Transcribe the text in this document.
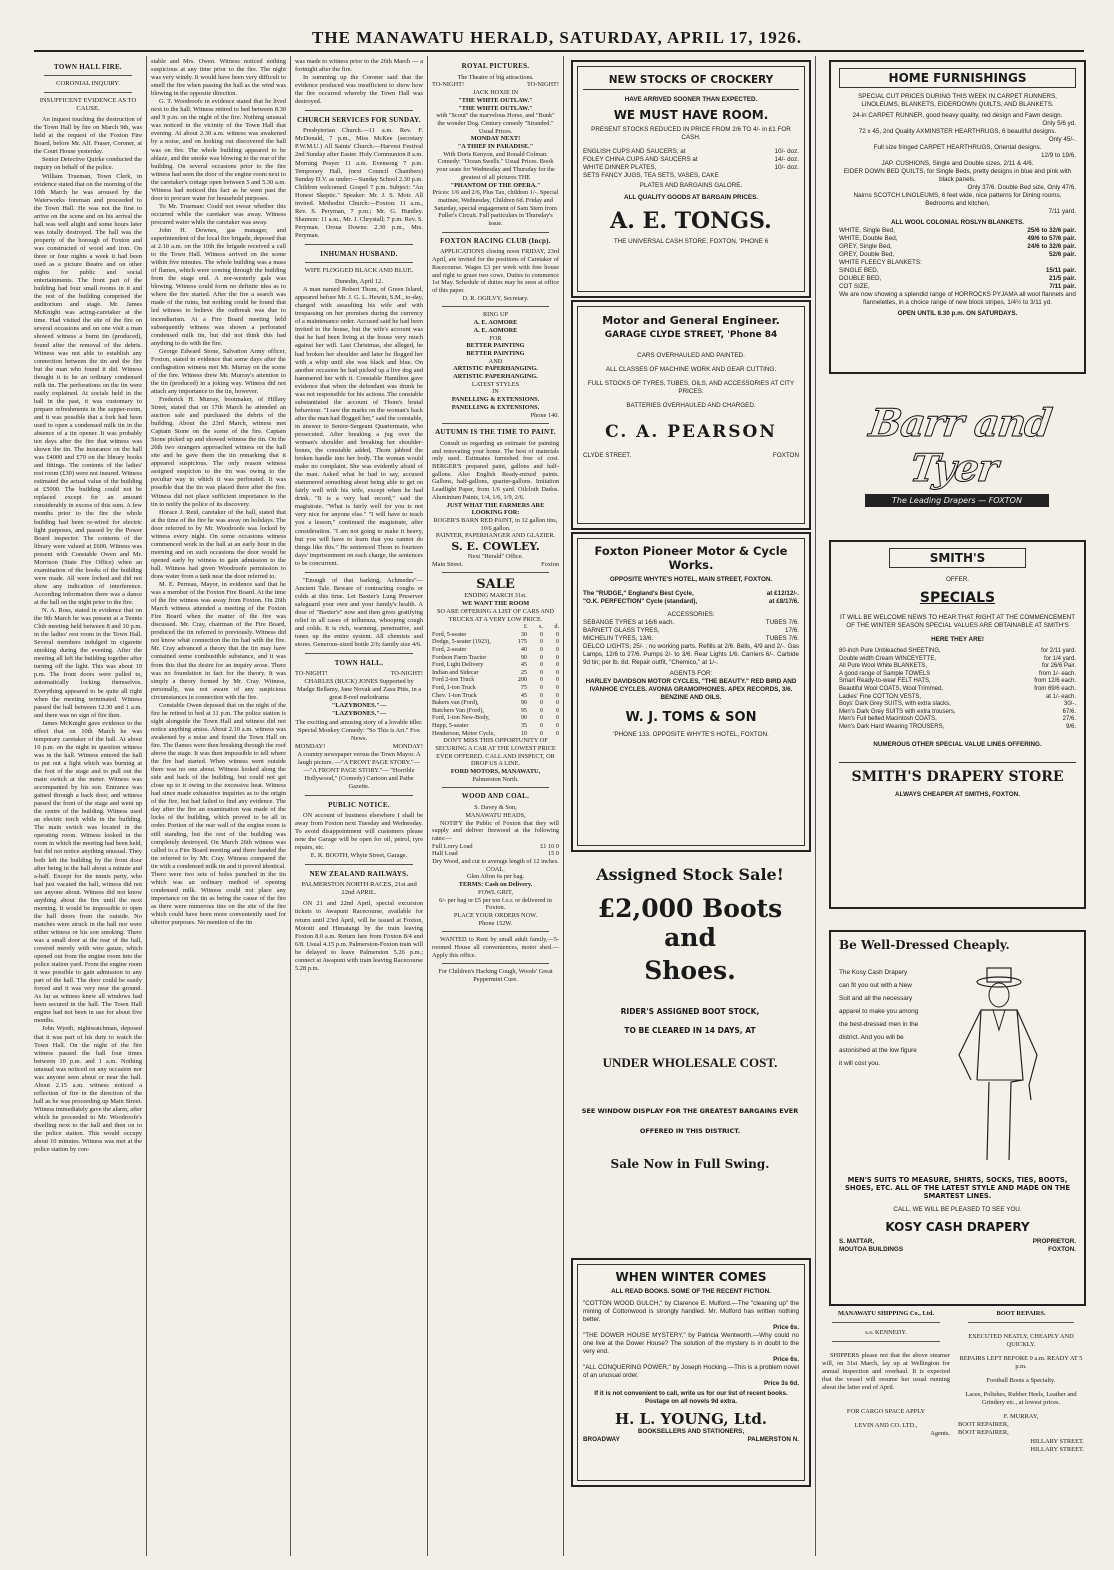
THE MANAWATU HERALD, SATURDAY, APRIL 17, 1926.
TOWN HALL FIRE.
CORONIAL INQUIRY.
INSUFFICENT EVIDENCE AS TO CAUSE.

An inquest touching the destruction of the Town Hall by fire on March 9th, was held at the request of the Foxton Fire Board, before Mr. Alf. Fraser, Coroner, at the Court House yesterday.

Senior Detective Quirke conducted the inquiry on behalf of the police.

William Trueman, Town Clerk, in evidence stated that on the morning of the 10th March he was aroused by the Waterworks foreman and proceeded to the Town Hall. He was not the first to arrive on the scene and on his arrival the hall was well alight and some hours later was totally destroyed. The hall was the property of the borough of Foxton and was constructed of wood and iron. On three or four nights a week it had been used as a picture theatre and on other nights for public and social entertainments. The front part of the building had four small rooms in it and the rest of the building comprised the auditorium and stage. Mr. James McKnight was acting-caretaker at the time. Had visited the site of the fire on several occasions and on one visit a man showed witness a burnt tin (produced), found after the removal of the debris. Witness was not able to establish any connection between the tin and the fire but the man who found it did. Witness thought it to be an ordinary condensed milk tin. The perforations on the tin were easily explained. At socials held in the hall in the past, it was customary to prepare refreshments in the supper-room, and it was possible that a fork had been used to open a condensed milk tin in the absence of a tin opener. It was probably ten days after the fire that witness was shown the tin. The insurance on the hall was £4000 and £70 on the library books and fittings. The contents of the ladies' rest room (£30) were not insured. Witness estimated the actual value of the building at £5000. The building could not be replaced except for an amount considerably in excess of this sum. A few months prior to the fire the whole building had been re-wired for electric light purposes, and passed by the Power Board inspector. The contents of the library were valued at £600. Witness was present with Constable Owen and Mr. Morrison (State Fire Office) when an examination of the books of the building were made. All were locked and did not show any indication of interference. According information there was a dance at the hall on the night prior to the fire.

N. A. Ross, stated in evidence that on the 9th March he was present at a Tennis Club meeting held between 8 and 10 p.m. in the ladies' rest room in the Town Hall. Several members indulged in cigarette smoking during the evening. After the meeting all left the building together after turning off the light. This was about 10 p.m. The front doors were pulled to, automatically locking themselves. Everything appeared to be quite all right when the meeting terminated. Witness passed the hall between 12.30 and 1 a.m. and there was no sign of fire then.

James McKnight gave evidence to the effect that on 10th March he was temporary caretaker of the hall. At about 10 p.m. on the night in question witness was in the hall. Witness entered the hall to put out a light which was burning at the foot of the stage and to pull out the main switch at the meter. Witness was accompanied by his son. Entrance was gained through a back door, and witness passed the front of the stage and went up the centre of the building. Witness used an electric torch while in the building. The main switch was located in the operating room. Witness looked in the room in which the meeting had been held, but did not notice anything unusual. They both left the building by the front door after being in the hall about a minute and a-half. Except for the tennis party, who had just vacated the hall, witness did not see anyone about. Witness did not know anything about the fire until the next morning. It would be impossible to open the hall doors from the outside. No matches were struck in the hall nor were either witness or his son smoking. There was a small door at the rear of the hall, covered merely with wire gauze, which opened out from the engine room into the police station yard. From the engine room it was possible to gain admission to any part of the hall. The door could be easily forced and it was very near the ground. As far as witness knew all windows had been secured in the hall. The Town Hall engine had not been in use for about five months.

John Wyeth, nightwatchman, deposed that it was part of his duty to watch the Town Hall. On the night of the fire witness passed the hall four times between 10 p.m. and 1 a.m. Nothing unusual was noticed on any occasion nor was anyone seen about or near the hall. About 2.15 a.m. witness noticed a reflection of fire in the direction of the hall as he was proceeding up Main Street. Witness immediately gave the alarm, after which he proceeded to Mr. Woodroofe's dwelling next to the hall and then on to the police station. This would occupy about 10 minutes. Witness was met at the police station by con-

stable and Mrs. Owen. Witness noticed nothing suspicious at any time prior to the fire. The night was very windy. It would have been very difficult to smell the fire when passing the hall as the wind was blowing in the opposite direction.

G. T. Woodroofe in evidence stated that he lived next to the hall. Witness retired to bed between 8.30 and 9 p.m. on the night of the fire. Nothing unusual was noticed in the vicinity of the Town Hall that evening. At about 2.30 a.m. witness was awakened by a noise, and on looking out discovered the hall was on fire. The whole building appeared to be ablaze, and the smoke was blowing to the rear of the building. On several occasions prior to the fire witness had seen the door of the engine room next to the caretaker's cottage open between 5 and 5.30 a.m. Witness had noticed this fact as he went past the door to procure water for household purposes.

To Mr. Trueman: Could not swear whether this occurred while the caretaker was away. Witness procured water while the caretaker was away.

John H. Downes, gas manager, and superintendent of the local fire brigade, deposed that at 2.10 a.m. on the 10th the brigade received a call to the Town Hall. Witness arrived on the scene within five minutes. The whole building was a mass of flames, which were coming through the building from the stage end. A nor-westerly gale was blowing. Witness could form no definite idea as to where the fire started. After the fire a search was made of the ruins, but nothing could be found that led witness to believe the outbreak was due to incendiarism. At a Fire Board meeting held subsequently witness was shown a perforated condensed milk tin, but did not think this had anything to do with the fire.

George Edward Stone, Salvation Army officer, Foxton, stated in evidence that some days after the conflagration witness met Mr. Murray on the scene of the fire. Witness drew Mr. Murray's attention to the tin (produced) in a joking way. Witness did not attach any importance to the tin, however.

Frederick H. Murray, bootmaker, of Hillary Street, stated that on 17th March he attended an auction sale and purchased the debris of the building. About the 23rd March, witness met Captain Stone on the scene of the fire. Captain Stone picked up and showed witness the tin. On the 26th two strangers approached witness on the hall site and he gave them the tin remarking that it appeared suspicious. The only reason witness assigned suspicion to the tin was owing to the peculiar way in which it was perforated. It was possible that the tin was placed there after the fire. Witness did not place sufficient importance to the tin to notify the police of its discovery.

Horace J. Reid, caretaker of the hall, stated that at the time of the fire he was away on holidays. The door referred to by Mr. Woodroofe was locked by witness every night. On some occasions witness commenced work in the hall at an early hour in the morning and on such occasions the door would be opened early by witness to gain admission to the hall. Witness had given Woodroofe permission to draw water from a tank near the door referred to.

M. E. Perreau, Mayor, in evidence said that he was a member of the Foxton Fire Board. At the time of the fire witness was away from Foxton. On 26th March witness attended a meeting of the Foxton Fire Board when the matter of the fire was discussed. Mr. Cray, chairman of the Fire Board, produced the tin referred to previously. Witness did not know what connection the tin had with the fire. Mr. Cray advanced a theory that the tin may have contained some combustible substance, and it was from this that the desire for an inquiry arose. There was no foundation in fact for the theory. It was simply a theory formed by Mr. Cray. Witness, personally, was not aware of any suspicious circumstances in connection with the fire.

Constable Owen deposed that on the night of the fire he retired to bed at 11 p.m. The police station is sight alongside the Town Hall and witness did not notice anything amiss. About 2.10 a.m. witness was awakened by a noise and found the Town Hall on fire. The flames were then breaking through the roof above the stage. It was then impossible to tell where the fire had started. When witness went outside there was no one about. Witness looked along the side and back of the building, but could not get close up to it owing to the excessive heat. Witness had since made exhaustive inquiries as to the origin of the fire, but had failed to find any evidence. The day after the fire an examination was made of the locks of the building, which proved to be all in order. Portion of the rear wall of the engine room is still standing, but the rest of the building was completely destroyed. On March 26th witness was called to a Fire Board meeting and there handed the tin referred to by Mr. Cray. Witness compared the tin with a condensed milk tin and it proved identical. There were two sets of holes punched in the tin which was an ordinary method of opening condensed milk. Witness could not place any importance on the tin as being the cause of the fire as there were numerous tins on the site of the fire which could have been more conveniently used for ulterior purposes. No mention of the tin

was made to witness prior to the 26th March — a fortnight after the fire.

In summing up the Coroner said that the evidence produced was insufficient to show how the fire occurred whereby the Town Hall was destroyed.

CHURCH SERVICES FOR SUNDAY.

Presbyterian Church.—11 a.m. Rev. F. McDonald, 7 p.m., Miss McKee (secretary P.W.M.U.) All Saints' Church.—Harvest Festival 2nd Sunday after Easter. Holy Communion 8 a.m. Morning Prayer 11 a.m. Evensong 7 p.m. Temporary Hall, (next Council Chambers) Sunday D.V. as under:—Sunday School 2.30 p.m. Children welcomed. Gospel 7 p.m. Subject: "An Honest Skeptic." Speaker: Mr. J. S. Moir. All invited. Methodist Church:—Foxton: 11 a.m., Rev. S. Peryman, 7 p.m.; Mr. G. Huntley. Shannon: 11 a.m., Mr. J. Chrystall; 7 p.m. Rev. S. Peryman. Oroua Downs: 2.30 p.m., Mrs. Peryman.

INHUMAN HUSBAND.
WIFE FLOGGED BLACK AND BLUE.
Dunedin, April 12.

A man named Robert Thom, of Green Island, appeared before Mr. J. G. L. Hewitt, S.M., to-day, charged with assaulting his wife and with trespassing on her premises during the currency of a maintenance order. Accused said he had been invited to the house, but the wife's account was that he had been living at the house very much against her will. Last Christmas, she alleged, he had broken her shoulder and later he flogged her with a whip until she was black and blue. On another occasion he had picked up a live dog and hammered her with it. Constable Hamilton gave evidence that when the defendant was drunk he was not responsible for his actions. The constable substantiated the account of Thom's brutal behaviour. "I saw the marks on the woman's back after the man had flogged her," said the constable, in answer to Senior-Sergeant Quartermain, who prosecuted. After breaking a jug over the woman's shoulder and breaking her shoulder-bones, the constable added, Thom jabbed the broken handle into her body. The woman would make no complaint. She was evidently afraid of the man. Asked what he had to say, accused stammered something about being able to get on fairly well with his wife, except when he had drink. "It is a very bad record," said the magistrate. "What is fairly well for you is not very nice for anyone else." "I will have to teach you a lesson," continued the magistrate, after consideration. "I am not going to make it heavy, but you will have to learn that you cannot do things like this." He sentenced Thom to fourteen days' imprisonment on each charge, the sentences to be concurrent.

"Enough of that barking, Achmedes"—Ancient Tale. Beware of contracting coughs or colds at this time. Let Baxter's Lung Preserver safeguard your own and your family's health. A dose of "Baxter's" now and then gives gratifying relief in all cases of influenza, whooping cough and colds. It is rich, warming, penetrative, and tones up the entire system. All chemists and stores. Generous-sized bottle 2/6; family size 4/6.

TOWN HALL.
TO-NIGHT!	TO-NIGHT!
CHARLES (BUCK) JONES Supported by Madge Bellamy, Jane Novak and Zasu Pitts, in a great 8-reel melodrama
"LAZYBONES."—
"LAZYBONES."—
The exciting and amusing story of a lovable idler. Special Monkey Comedy: "So This is Art." Fox News.
MONDAY!	MONDAY!
A country newspaper versus the Town Mayor. A laugh picture. —"A FRONT PAGE STORY."— —"A FRONT PAGE STORY."— "Horrible Hollywood," (Comedy) Cartoon and Pathe Gazette.
PUBLIC NOTICE.

ON account of business elsewhere I shall be away from Foxton next Tuesday and Wednesday. To avoid disappointment will customers please note the Garage will be open for oil, petrol, tyre repairs, etc.

E. R. BOOTH, Whyte Street, Garage.
NEW ZEALAND RAILWAYS.
PALMERSTON NORTH RACES, 21st and 22nd APRIL.

ON 21 and 22nd April, special excursion tickets to Awapuni Racecourse, available for return until 23rd April, will be issued at Foxton, Motoiti and Himatangi by the train leaving Foxton 8.0 a.m. Return fare from Foxton 8/4 and 6/8. Usual 4.15 p.m. Palmerston-Foxton train will be delayed to leave Palmerston 5.26 p.m.; connect at Awapuni with train leaving Racecourse 5.28 p.m.

ROYAL PICTURES.
The Theatre of big attractions.
TO-NIGHT!	TO-NIGHT!
JACK HOXIE IN
"THE WHITE OUTLAW."
"THE WHITE OUTLAW."
with "Scout" the marvelous Horse, and "Bunk" the wonder Dog. Century comedy "Stranded." Usual Prices.
MONDAY NEXT!
"A THIEF IN PARADISE."
With Doris Kenyon, and Ronald Colman. Comedy: "Ocean Swells." Usual Prices. Book your seats for Wednesday and Thursday for the greatest of all pictures THE
"PHANTOM OF THE OPERA."
Prices: 1/6 and 2/6, Plus Tax, children 1/-. Special matinee, Wednesday, Children 6d. Friday and Saturday, special engagement of Sam Stern from Fuller's Circuit. Full particulars in Thursday's issue.
FOXTON RACING CLUB (Incp).

APPLICATIONS closing noon FRIDAY, 23rd April, are invited for the positions of Caretaker of Racecourse. Wages £3 per week with free house and right to graze two cows. Duties to commence 1st May. Schedule of duties may be seen at office of this paper.

D. R. OGILVY, Secretary.
RING UP
A. E. AOMORE
A. E. AOMORE
FOR
BETTER PAINTING
BETTER PAINTING
AND
ARTISTIC PAPERHANGING.
ARTISTIC PAPERHANGING.
LATEST STYLES
IN
PANELLING & EXTENSIONS.
PANELLING & EXTENSIONS.
Phone 140.
AUTUMN IS THE TIME TO PAINT.

Consult us regarding an estimate for painting and renovating your home. The best of materials only used. Estimates furnished free of cost. BERGER'S prepared paint, gallons and half-gallons. Also English Ready-mixed paints. Gallons, half-gallons, quarter-gallons. Imitation Leadlight Paper, from 1/6 yard. Oilcloth Dados. Aluminium Paints, 1/4, 1/6, 1/9, 2/6.

JUST WHAT THE FARMERS ARE LOOKING FOR:
ROGER'S BARN RED PAINT, in 12 gallon tins, 10/6 gallon.
PAINTER, PAPERHANGER AND GLAZIER.
S. E. COWLEY.
Next "Herald" Office.
Main Street.	Foxton
SALE
ENDING MARCH 31st.
WE WANT THE ROOM
SO ARE OFFERING A LIST OF CARS AND TRUCKS AT A VERY LOW PRICE.
	£	s.	d.
Ford, 5-seater	30	0	0
Dodge, 5-seater (1923),	175	0	0
Ford, 2-seater	40	0	0
Fordson Farm Tractor	90	0	0
Ford, Light Delivery	45	0	0
Indian and Sidecar	25	0	0
Ford 2-ton Truck	200	0	0
Ford, 1-ton Truck	75	0	0
Chev. 1-ton Truck	45	0	0
Bakers van (Ford),	90	0	0
Butchers Van (Ford),	95	0	0
Ford, 1-ton New-Body,	90	0	0
Hupp, 5-seater	35	0	0
Henderson, Motor Cycle,	10	0	0
DON'T MISS THIS OPPORTUNITY OF SECURING A CAR AT THE LOWEST PRICE EVER OFFERED. CALL AND INSPECT, OR DROP US A LINE.
FORD MOTORS, MANAWATU,
Palmerston North.
WOOD AND COAL.
S. Davey & Son,
MANAWATU HEADS,

NOTIFY the Public of Foxton that they will supply and deliver firewood at the following rates:—

Full Lorry Load	£1 10 0
Half Load	15 0
Dry Wood, and cut to average length of 12 inches.
COAL.
Glen Afton 6s per bag.
TERMS: Cash on Delivery.
FOWL GRIT,
6/- per bag or £5 per ton f.o.r. or delivered in Foxton.
PLACE YOUR ORDERS NOW.
Phone 152W.

WANTED to Rent by small adult family,—5-roomed House all conveniences, motor shed.—Apply this office.

For Children's Hacking Cough, Woods' Great Peppermint Cure.
NEW STOCKS OF CROCKERY
HAVE ARRIVED SOONER THAN EXPECTED.
WE MUST HAVE ROOM.
PRESENT STOCKS REDUCED IN PRICE FROM 2/6 TO 4/- in £1 FOR CASH.
ENGLISH CUPS AND SAUCERS, at	10/- doz.
FOLEY CHINA CUPS AND SAUCERS at	14/- doz.
WHITE DINNER PLATES,	10/- doz.
SETS FANCY JUGS, TEA SETS, VASES, CAKE
PLATES AND BARGAINS GALORE.
ALL QUALITY GOODS AT BARGAIN PRICES.
A. E. TONGS.
THE UNIVERSAL CASH STORE, FOXTON, 'PHONE 6
Motor and General Engineer.
GARAGE CLYDE STREET, 'Phone 84
CARS OVERHAULED AND PAINTED.
ALL CLASSES OF MACHINE WORK AND GEAR CUTTING.
FULL STOCKS OF TYRES, TUBES, OILS, AND ACCESSORIES AT CITY PRICES.
BATTERIES OVERHAULED AND CHARGED.
C. A. PEARSON
CLYDE STREET.	FOXTON
Foxton Pioneer Motor & Cycle Works.
OPPOSITE WHYTE'S HOTEL, MAIN STREET, FOXTON.
The "RUDGE," England's Best Cycle,	at £12/12/-.
"O.K. PERFECTION" Cycle (standard),	at £8/17/6.
ACCESSORIES:
SEBANGE TYRES at 16/6 each.	TUBES 7/6.
BARNETT GLASS TYRES,	17/6.
MICHELIN TYRES, 13/6.	TUBES 7/6.
DELCO LIGHTS, 25/- ; no working parts. Refills at 2/6. Bells, 4/9 and 2/-. Gas Lamps, 12/6 to 27/6. Pumps 2/- to 3/6. Rear Lights 1/6. Carriers 6/-. Carbide 9d tin; per lb. 8d. Repair outfit, "Chemico," at 1/-.
AGENTS FOR:
HARLEY DAVIDSON MOTOR CYCLES, "THE BEAUTY." RED BIRD AND IVANHOE CYCLES. AVONIA GRAMOPHONES. APEX RECORDS, 3/6. BENZINE AND OILS.
W. J. TOMS & SON
'PHONE 133. OPPOSITE WHYTE'S HOTEL, FOXTON.
Assigned Stock Sale!
£2,000 Boots and
Shoes.
RIDER'S ASSIGNED BOOT STOCK,
TO BE CLEARED IN 14 DAYS, AT
UNDER WHOLESALE COST.
SEE WINDOW DISPLAY FOR THE GREATEST BARGAINS EVER
OFFERED IN THIS DISTRICT.
Sale Now in Full Swing.
WHEN WINTER COMES
ALL READ BOOKS. SOME OF THE RECENT FICTION.
"COTTON WOOD GULCH," by Clarence E. Mulford.—The "cleaning up" the mining of Cottonwood is strongly handled. Mr. Mulford has written nothing better.
Price 6s.
"THE DOWER HOUSE MYSTERY," by Patricia Wentworth.—Why could no one live at the Dower House? The solution of the mystery is in doubt to the very end.
Price 6s.
"ALL CONQUERING POWER," by Joseph Hocking.—This is a problem novel of an unusual order.
Price 3s 6d.
If it is not convenient to call, write us for our list of recent books. Postage on all novels 9d extra.
H. L. YOUNG, Ltd.
BOOKSELLERS AND STATIONERS,
BROADWAY	PALMERSTON N.
HOME FURNISHINGS
SPECIAL CUT PRICES DURING THIS WEEK IN CARPET RUNNERS, LINOLEUMS, BLANKETS, EIDERDOWN QUILTS, AND BLANKETS.
24-in CARPET RUNNER, good heavy quality, red design and Fawn design.
Only 5/6 yd.
72 x 45, 2nd Quality AXMINSTER HEARTHRUGS, 6 beautiful designs.
Only 45/-.
Full size fringed CARPET HEARTHRUGS, Oriental designs.
12/9 to 19/6.
JAP. CUSHIONS, Single and Double sizes, 2/11 & 4/6.
EIDER DOWN BED QUILTS, for Single Beds, pretty designs in blue and pink with black panels.
Only 37/6. Double Bed size, Only 47/6.
Nairns SCOTCH LINOLEUMS, 6 feet wide, nice patterns for Dining rooms, Bedrooms and kitchen,
7/11 yard.
ALL WOOL COLONIAL ROSLYN BLANKETS.
WHITE, Single Bed,	25/6 to 32/6 pair.
WHITE, Double Bed,	49/6 to 57/6 pair.
GREY, Single Bed,	24/6 to 32/6 pair.
GREY, Double Bed,	52/6 pair.
WHITE FLEECY BLANKETS:
SINGLE BED,	15/11 pair.
DOUBLE BED,	21/5 pair.
COT SIZE,	7/11 pair.
We are now showing a splendid range of HORROCKS PYJAMA all wool flannels and flannelettes, in a choice range of new block stripes, 1/4½ to 3/11 yd.
OPEN UNTIL 8.30 p.m. ON SATURDAYS.
Barr and Tyer
The Leading Drapers — FOXTON
SMITH'S
OFFER.
SPECIALS
IT WILL BE WELCOME NEWS TO HEAR THAT RIGHT AT THE COMMENCEMENT OF THE WINTER SEASON SPECIAL VALUES ARE OBTAINABLE AT SMITH'S
HERE THEY ARE!
80-inch Pure Unbleached SHEETING,	for 2/11 yard.
Double width Cream WINCEYETTE,	for 1/4 yard.
All Pure Wool White BLANKETS,	for 26/6 Pair.
A good range of Sample TOWELS	from 1/- each.
Smart Ready-to-wear FELT HATS,	from 12/6 each.
Beautiful Wool COATS, Wool Trimmed,	from 69/6 each.
Ladies' Fine COTTON VESTS,	at 1/- each.
Boys' Dark Grey SUITS, with extra slacks,	30/-.
Men's Dark Grey SUITS with extra trousers,	67/6.
Men's Full belted Macintosh COATS,	27/6.
Men's Dark Hard Wearing TROUSERS,	9/6.
NUMEROUS OTHER SPECIAL VALUE LINES OFFERING.
SMITH'S DRAPERY STORE
ALWAYS CHEAPER AT SMITHS, FOXTON.
Be Well-Dressed Cheaply.
The Kosy Cash Drapery can fit you out with a New Suit and all the necessary apparel to make you among the best-dressed men in the district. And you will be astonished at the low figure it will cost you.
MEN'S SUITS TO MEASURE, SHIRTS, SOCKS, TIES, BOOTS, SHOES, ETC. ALL OF THE LATEST STYLE AND MADE ON THE SMARTEST LINES.
CALL, WE WILL BE PLEASED TO SEE YOU.
KOSY CASH DRAPERY
S. MATTAR,	PROPRIETOR.
MOUTOA BUILDINGS	FOXTON.
MANAWATU SHIPPING Co., Ltd.
s.s. KENNEDY.

SHIPPERS please not that the above steamer will, on 31st March, lay up at Wellington for annual inspection and overhaul. It is expected that the vessel will resume her usual running about the latter end of April.

FOR CARGO SPACE APPLY
LEVIN AND CO. LTD.,
Agents.
BOOT REPAIRS.
EXECUTED NEATLY, CHEAPLY AND QUICKLY.
REPAIRS LEFT BEFORE 9 a.m. READY AT 5 p.m.
Football Boots a Specialty.
Laces, Polishes, Rubber Heels, Leather and Grindery etc., at lowest prices.
F. MURRAY,
BOOT REPAIRER,
BOOT REPAIRER,
HILLARY STREET.
HILLARY STREET.
